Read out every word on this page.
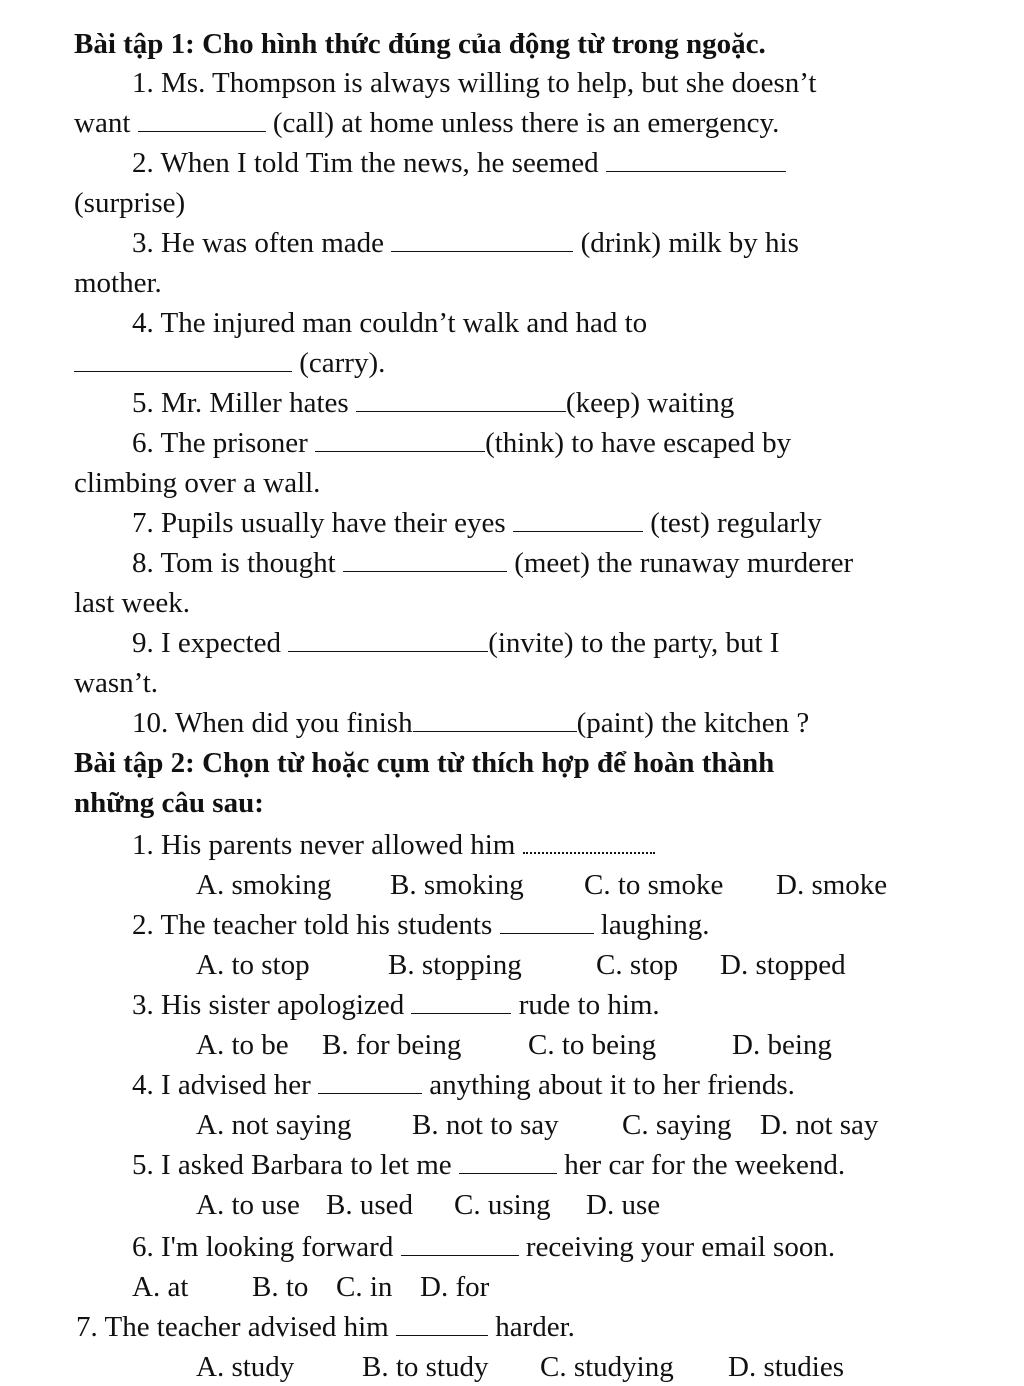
Bài tập 1: Cho hình thức đúng của động từ trong ngoặc.
1. Ms. Thompson is always willing to help, but she doesn’t
want	(call) at home unless there is an emergency.
2. When I told Tim the news, he seemed
(surprise)
3. He was often made	(drink) milk by his
mother.
4. The injured man couldn’t walk and had to
(carry).
5. Mr. Miller hates	(keep) waiting
6. The prisoner	(think) to have escaped by
climbing over a wall.
7. Pupils usually have their eyes	(test) regularly
8. Tom is thought	(meet) the runaway murderer
last week.
9. I expected	(invite) to the party, but I
wasn’t.
10. When did you finish	(paint) the kitchen ?
Bài tập 2: Chọn từ hoặc cụm từ thích hợp để hoàn thành
những câu sau:
1. His parents never allowed him
A. smoking B. smoking C. to smoke D. smoke
2. The teacher told his students	laughing.
A. to stop	B. stopping	C. stop D. stopped
3. His sister apologized	rude to him.
A. to be B. for being C. to being	D. being
4. I advised her	anything about it to her friends.
A. not saying B. not to say C. saying D. not say
5. I asked Barbara to let me	her car for the weekend.
A. to use B. used C. using D. use
6. I'm looking forward	receiving your email soon.
A. at B. to C. in D. for
7. The teacher advised him	harder.
A. study B. to study C. studying D. studies
